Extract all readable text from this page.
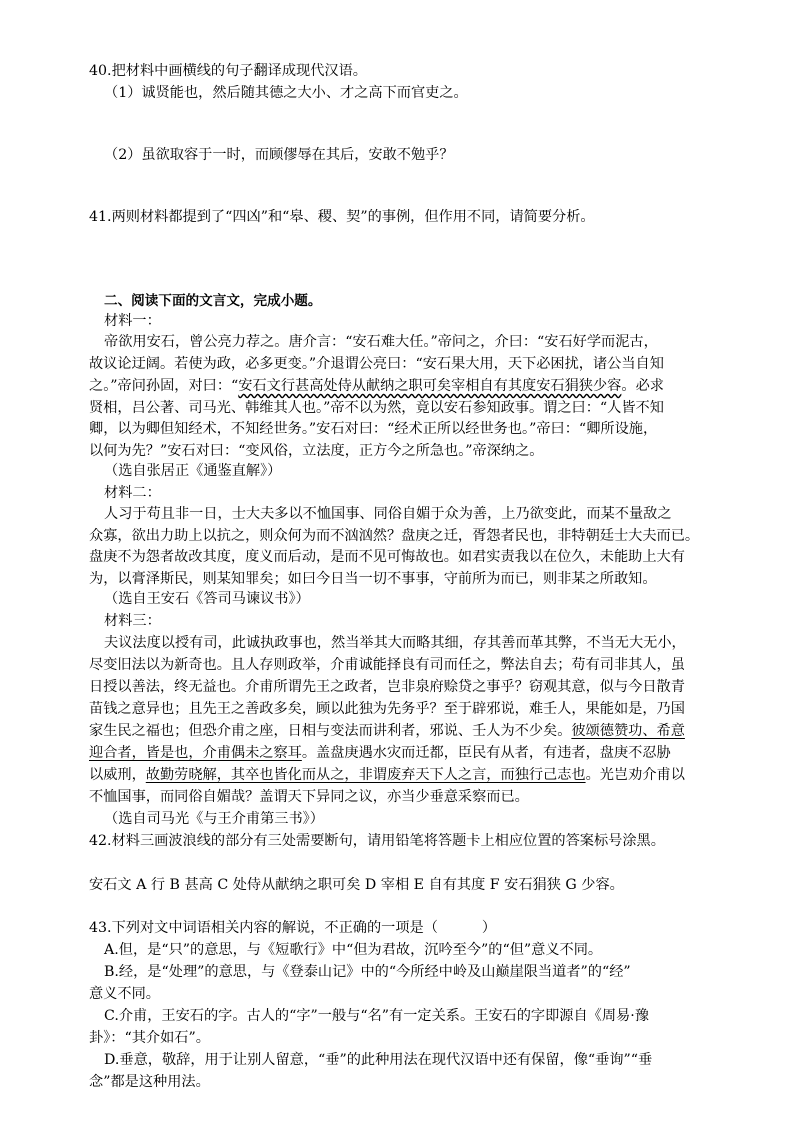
40.把材料中画横线的句子翻译成现代汉语。
（1）诚贤能也，然后随其德之大小、才之高下而官吏之。
（2）虽欲取容于一时，而顾僇辱在其后，安敢不勉乎？
41.两则材料都提到了“四凶”和“皋、稷、契”的事例，但作用不同，请简要分析。
二、阅读下面的文言文，完成小题。
材料一：
帝欲用安石，曾公亮力荐之。唐介言：“安石难大任。”帝问之，介曰：“安石好学而泥古，
故议论迂阔。若使为政，必多更变。”介退谓公亮曰：“安石果大用，天下必困扰，诸公当自知
之。”帝问孙固，对曰：“安石文行甚高处侍从献纳之职可矣宰相自有其度安石狷狭少容。必求
贤相，吕公著、司马光、韩维其人也。”帝不以为然，竟以安石参知政事。谓之曰：“人皆不知
卿，以为卿但知经术，不知经世务。”安石对曰：“经术正所以经世务也。”帝曰：“卿所设施，
以何为先？”安石对曰：“变风俗，立法度，正方今之所急也。”帝深纳之。
（选自张居正《通鉴直解》）
材料二：
人习于苟且非一日，士大夫多以不恤国事、同俗自媚于众为善，上乃欲变此，而某不量敌之
众寡，欲出力助上以抗之，则众何为而不汹汹然？盘庚之迁，胥怨者民也，非特朝廷士大夫而已。
盘庚不为怨者故改其度，度义而后动，是而不见可悔故也。如君实责我以在位久，未能助上大有
为，以膏泽斯民，则某知罪矣；如曰今日当一切不事事，守前所为而已，则非某之所敢知。
（选自王安石《答司马谏议书》）
材料三：
夫议法度以授有司，此诚执政事也，然当举其大而略其细，存其善而革其弊，不当无大无小，
尽变旧法以为新奇也。且人存则政举，介甫诚能择良有司而任之，弊法自去；苟有司非其人，虽
日授以善法，终无益也。介甫所谓先王之政者，岂非泉府赊贷之事乎？窃观其意，似与今日散青
苗钱之意异也；且先王之善政多矣，顾以此独为先务乎？至于辟邪说，难壬人，果能如是，乃国
家生民之福也；但恐介甫之座，日相与变法而讲利者，邪说、壬人为不少矣。彼颂德赞功、希意
迎合者，皆是也，介甫偶未之察耳。盖盘庚遇水灾而迁都，臣民有从者，有违者，盘庚不忍胁
以威刑，故勤劳晓解，其卒也皆化而从之，非谓废弃天下人之言，而独行己志也。光岂劝介甫以
不恤国事，而同俗自媚哉？盖谓天下异同之议，亦当少垂意采察而已。
（选自司马光《与王介甫第三书》）
42.材料三画波浪线的部分有三处需要断句，请用铅笔将答题卡上相应位置的答案标号涂黑。
安石文 A 行 B 甚高 C 处侍从献纳之职可矣 D 宰相 E 自有其度 F 安石狷狭 G 少容。
43.下列对文中词语相关内容的解说，不正确的一项是（	）
A.但，是“只”的意思，与《短歌行》中“但为君故，沉吟至今”的“但”意义不同。
B.经，是“处理”的意思，与《登泰山记》中的“今所经中岭及山巅崖限当道者”的“经”
意义不同。
C.介甫，王安石的字。古人的“字”一般与“名”有一定关系。王安石的字即源自《周易·豫
卦》：“其介如石”。
D.垂意，敬辞，用于让别人留意，“垂”的此种用法在现代汉语中还有保留，像“垂询”“垂
念”都是这种用法。
